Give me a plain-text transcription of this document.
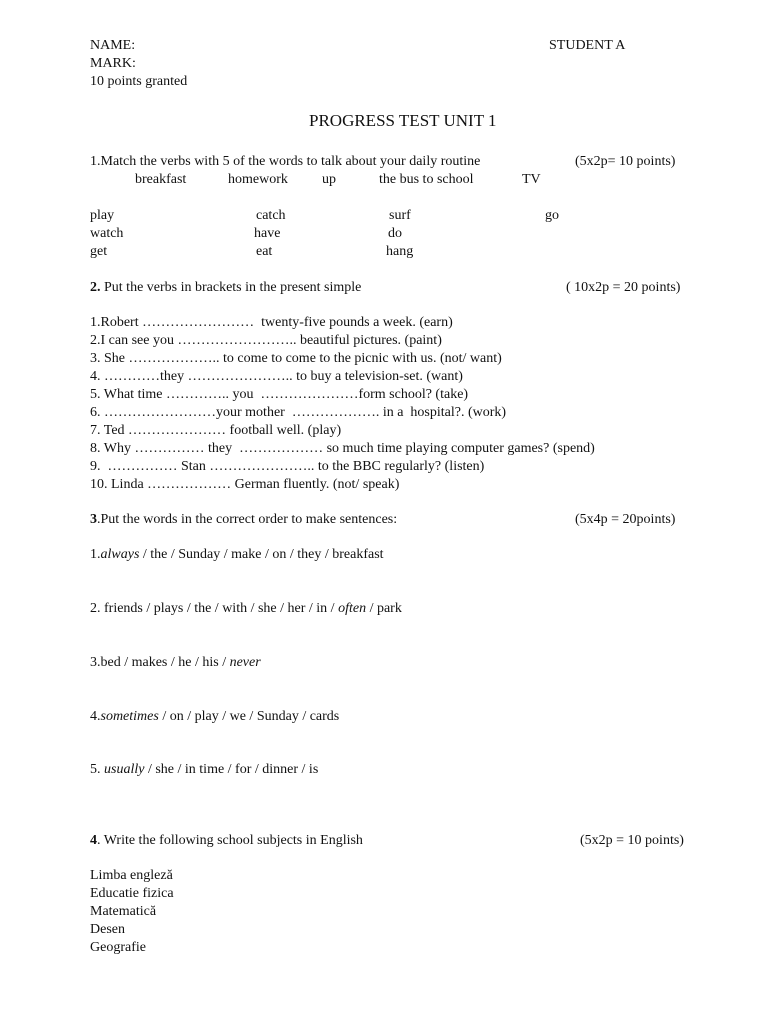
NAME:	STUDENT A
MARK:
10 points granted
PROGRESS TEST UNIT 1
1.Match the verbs with 5 of the words to talk about your daily routine	(5x2p= 10 points)
breakfast	homework up	the bus to school	TV
play	catch	surf	go
watch	have	do
get	eat	hang
2. Put the verbs in brackets in the present simple	( 10x2p = 20 points)
1.Robert ……………………  twenty-five pounds a week. (earn)
2.I can see you …………………….. beautiful pictures. (paint)
3. She ……………….. to come to come to the picnic with us. (not/ want)
4. …………they ………………….. to buy a television-set. (want)
5. What time ………….. you  …………………form school? (take)
6. ……………………your mother  ………………. in a  hospital?. (work)
7. Ted ………………… football well. (play)
8. Why …………… they  ……………… so much time playing computer games? (spend)
9.  …………… Stan ………………….. to the BBC regularly? (listen)
10. Linda ……………… German fluently. (not/ speak)
3.Put the words in the correct order to make sentences:	(5x4p = 20points)
1.always / the / Sunday / make / on / they / breakfast
2. friends / plays / the / with / she / her / in / often / park
3.bed / makes / he / his / never
4.sometimes / on / play / we / Sunday / cards
5. usually / she / in time / for / dinner / is
4. Write the following school subjects in English	(5x2p = 10 points)
Limba engleză
Educatie fizica
Matematică
Desen
Geografie
